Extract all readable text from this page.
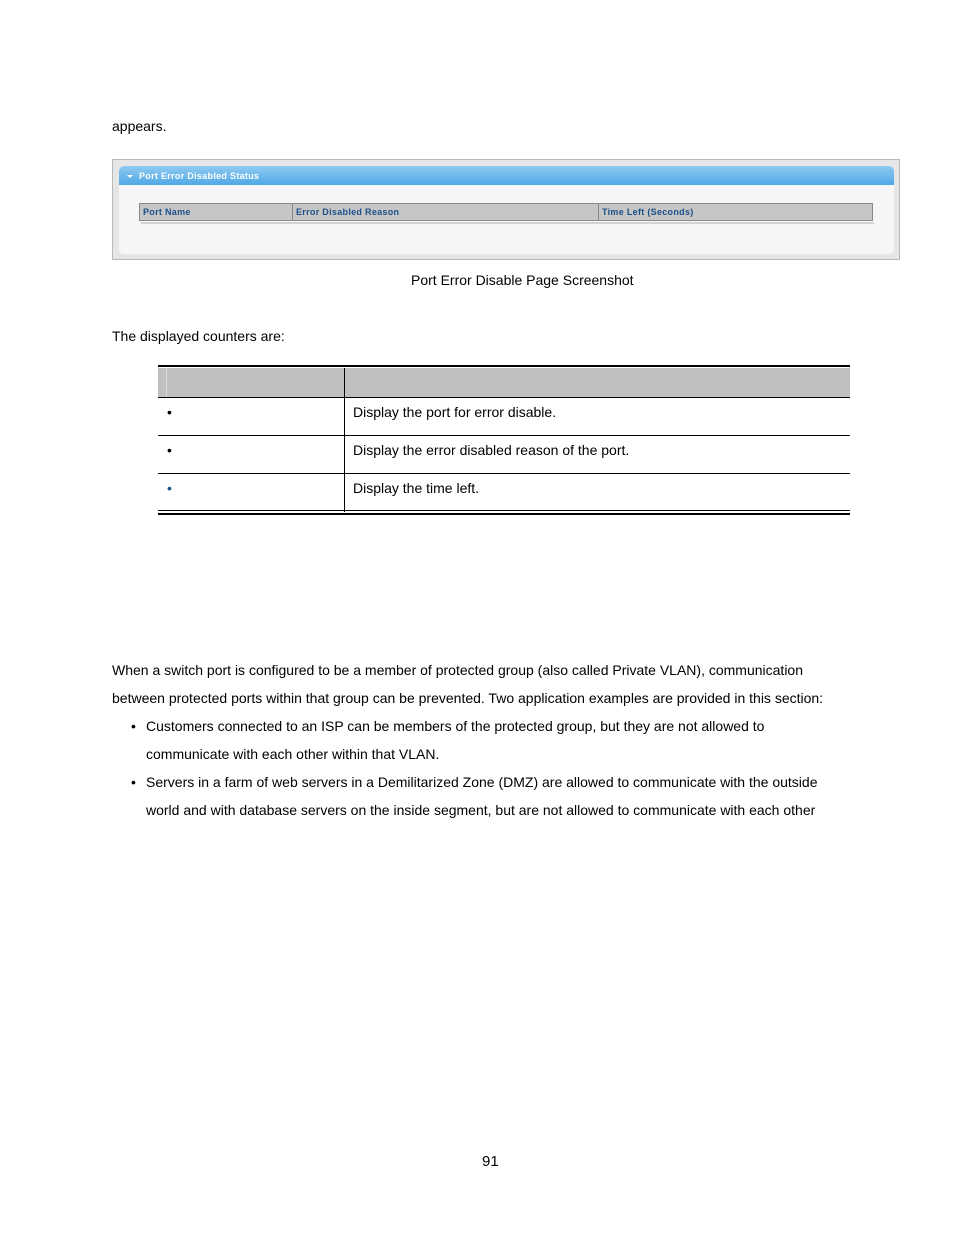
appears.
Port Error Disabled Status
Port Name	Error Disabled Reason	Time Left (Seconds)
Port Error Disable Page Screenshot
The displayed counters are:
•	Display the port for error disable.
•	Display the error disabled reason of the port.
•	Display the time left.
When a switch port is configured to be a member of protected group (also called Private VLAN), communication
between protected ports within that group can be prevented. Two application examples are provided in this section:
• Customers connected to an ISP can be members of the protected group, but they are not allowed to
communicate with each other within that VLAN.
• Servers in a farm of web servers in a Demilitarized Zone (DMZ) are allowed to communicate with the outside
world and with database servers on the inside segment, but are not allowed to communicate with each other
91
